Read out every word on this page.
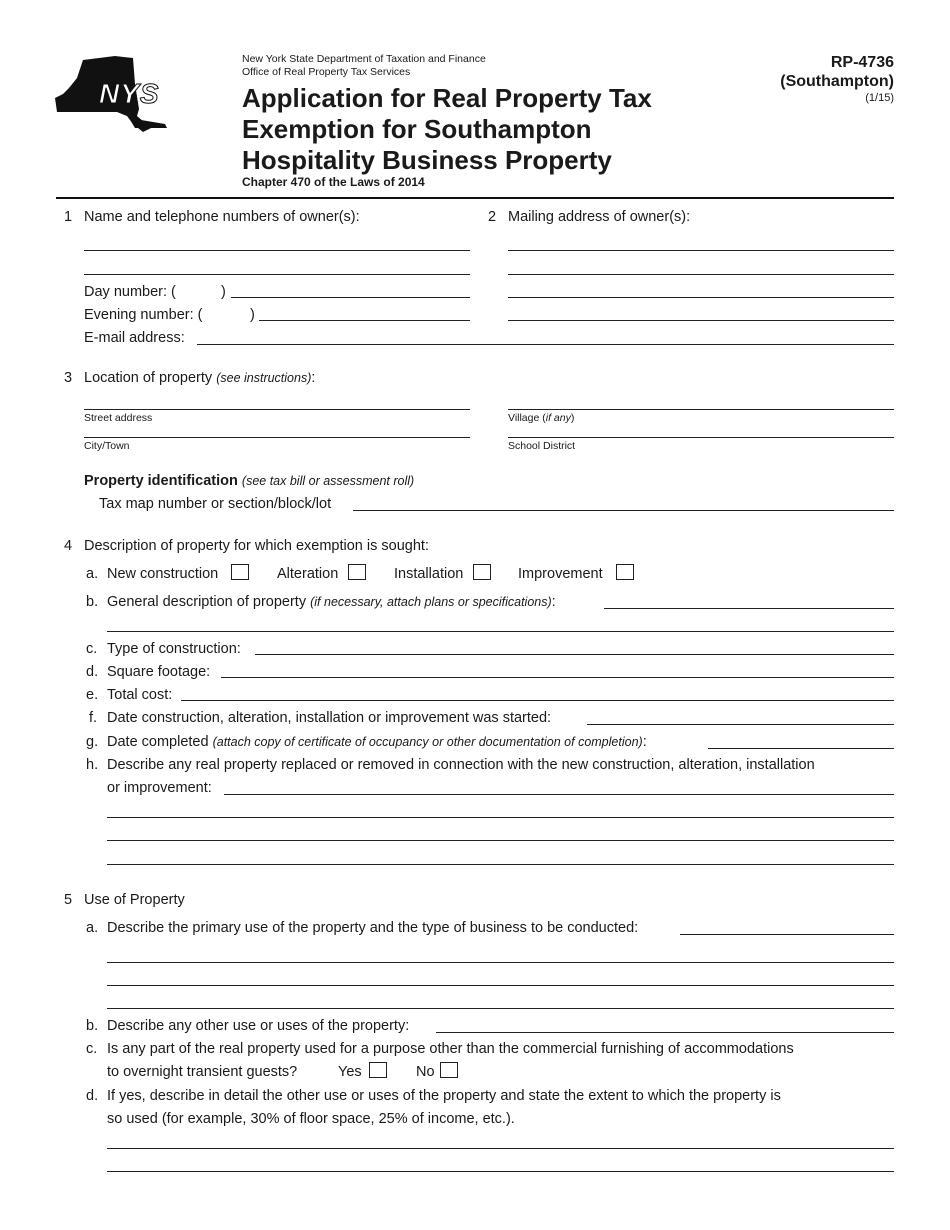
NYS
New York State Department of Taxation and Finance
Office of Real Property Tax Services
Application for Real Property Tax
Exemption for Southampton
Hospitality Business Property
Chapter 470 of the Laws of 2014
RP-4736
(Southampton)
(1/15)
1 Name and telephone numbers of owner(s):
Day number: (	)
Evening number: (	)
E-mail address:
2 Mailing address of owner(s):
3 Location of property (see instructions):
Street address	Village (if any)
City/Town	School District
Property identification (see tax bill or assessment roll)
Tax map number or section/block/lot
4 Description of property for which exemption is sought:
a. New construction	Alteration	Installation	Improvement
b. General description of property (if necessary, attach plans or specifications):
c. Type of construction:
d. Square footage:
e. Total cost:
f. Date construction, alteration, installation or improvement was started:
g. Date completed (attach copy of certificate of occupancy or other documentation of completion):
h. Describe any real property replaced or removed in connection with the new construction, alteration, installation
or improvement:
5 Use of Property
a. Describe the primary use of the property and the type of business to be conducted:
b. Describe any other use or uses of the property:
c. Is any part of the real property used for a purpose other than the commercial furnishing of accommodations
to overnight transient guests?	Yes	No
d. If yes, describe in detail the other use or uses of the property and state the extent to which the property is
so used (for example, 30% of floor space, 25% of income, etc.).
